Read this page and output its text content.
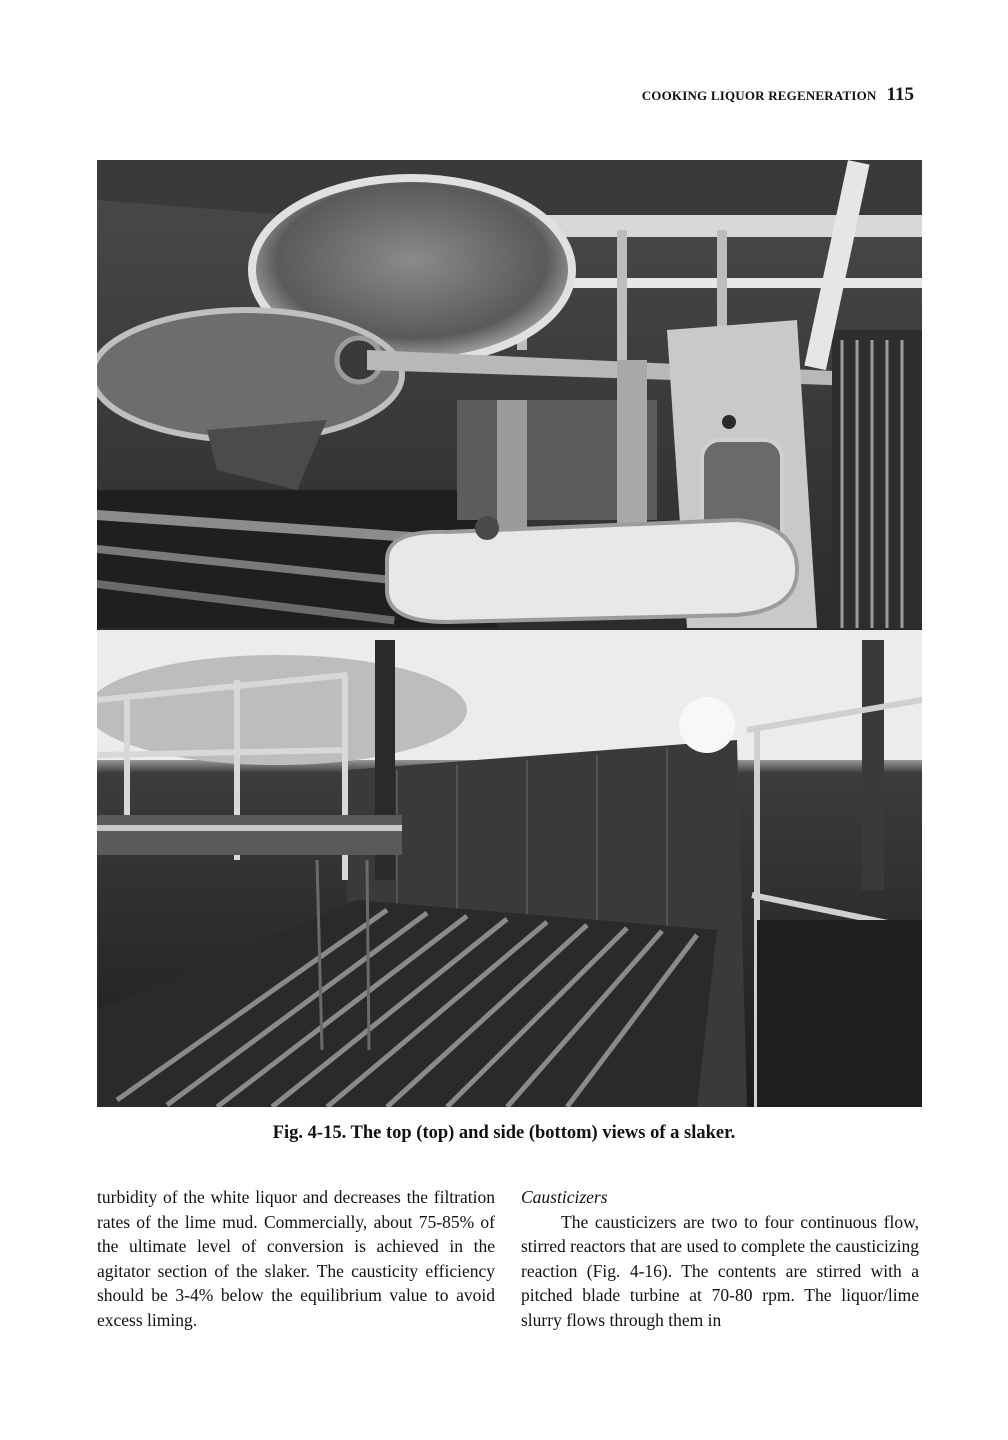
COOKING LIQUOR REGENERATION 115
Fig. 4-15. The top (top) and side (bottom) views of a slaker.

turbidity of the white liquor and decreases the filtration rates of the lime mud. Commercially, about 75-85% of the ultimate level of conversion is achieved in the agitator section of the slaker. The causticity efficiency should be 3-4% below the equilibrium value to avoid excess liming.

Causticizers

The causticizers are two to four continuous flow, stirred reactors that are used to complete the causticizing reaction (Fig. 4-16). The contents are stirred with a pitched blade turbine at 70-80 rpm. The liquor/lime slurry flows through them in
